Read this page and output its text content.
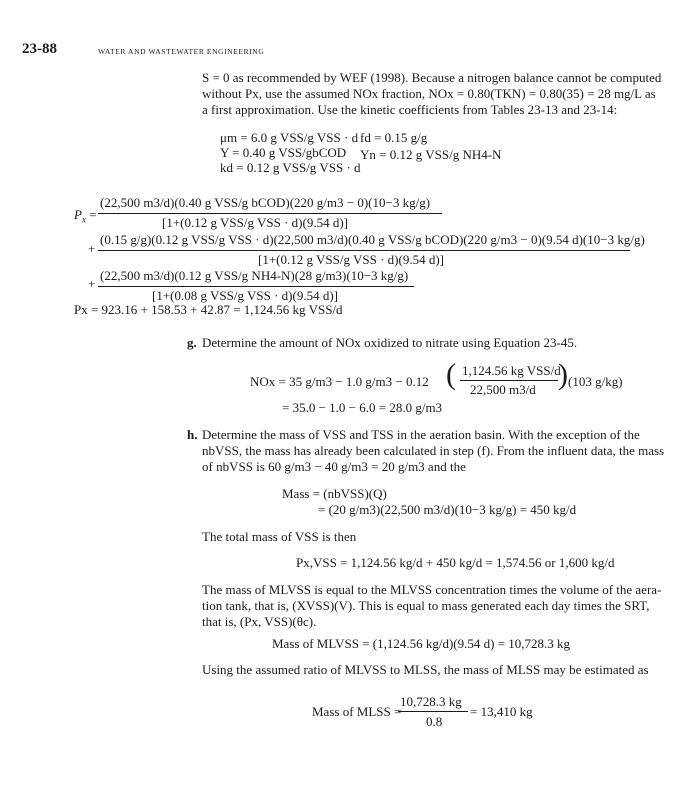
23-88	WATER AND WASTEWATER ENGINEERING
S = 0 as recommended by WEF (1998). Because a nitrogen balance cannot be computed
without Px, use the assumed NOx fraction, NOx = 0.80(TKN) = 0.80(35) = 28 mg/L as
a first approximation. Use the kinetic coefficients from Tables 23-13 and 23-14:
μm = 6.0 g VSS/g VSS · d
Y = 0.40 g VSS/gbCOD
kd = 0.12 g VSS/g VSS · d
fd = 0.15 g/g
Yn = 0.12 g VSS/g NH4-N
$P_x$ =
(22,500 m3/d)(0.40 g VSS/g bCOD)(220 g/m3 − 0)(10−3 kg/g)
[1+(0.12 g VSS/g VSS · d)(9.54 d)]
+
(0.15 g/g)(0.12 g VSS/g VSS · d)(22,500 m3/d)(0.40 g VSS/g bCOD)(220 g/m3 − 0)(9.54 d)(10−3 kg/g)
[1+(0.12 g VSS/g VSS · d)(9.54 d)]
+
(22,500 m3/d)(0.12 g VSS/g NH4-N)(28 g/m3)(10−3 kg/g)
[1+(0.08 g VSS/g VSS · d)(9.54 d)]
Px = 923.16 + 158.53 + 42.87 = 1,124.56 kg VSS/d
g. Determine the amount of NOx oxidized to nitrate using Equation 23-45.
NOx = 35 g/m3 − 1.0 g/m3 − 0.12 ( 1,124.56 kg VSS/d
22,500 m3/d ) (103 g/kg)
= 35.0 − 1.0 − 6.0 = 28.0 g/m3
h. Determine the mass of VSS and TSS in the aeration basin. With the exception of the
nbVSS, the mass has already been calculated in step (f). From the influent data, the mass
of nbVSS is 60 g/m3 − 40 g/m3 = 20 g/m3 and the
Mass = (nbVSS)(Q)
= (20 g/m3)(22,500 m3/d)(10−3 kg/g) = 450 kg/d
The total mass of VSS is then
Px,VSS = 1,124.56 kg/d + 450 kg/d = 1,574.56 or 1,600 kg/d
The mass of MLVSS is equal to the MLVSS concentration times the volume of the aera-
tion tank, that is, (XVSS)(V). This is equal to mass generated each day times the SRT,
that is, (Px, VSS)(θc).
Mass of MLVSS = (1,124.56 kg/d)(9.54 d) = 10,728.3 kg
Using the assumed ratio of MLVSS to MLSS, the mass of MLSS may be estimated as
Mass of MLSS =
10,728.3 kg
0.8
= 13,410 kg
